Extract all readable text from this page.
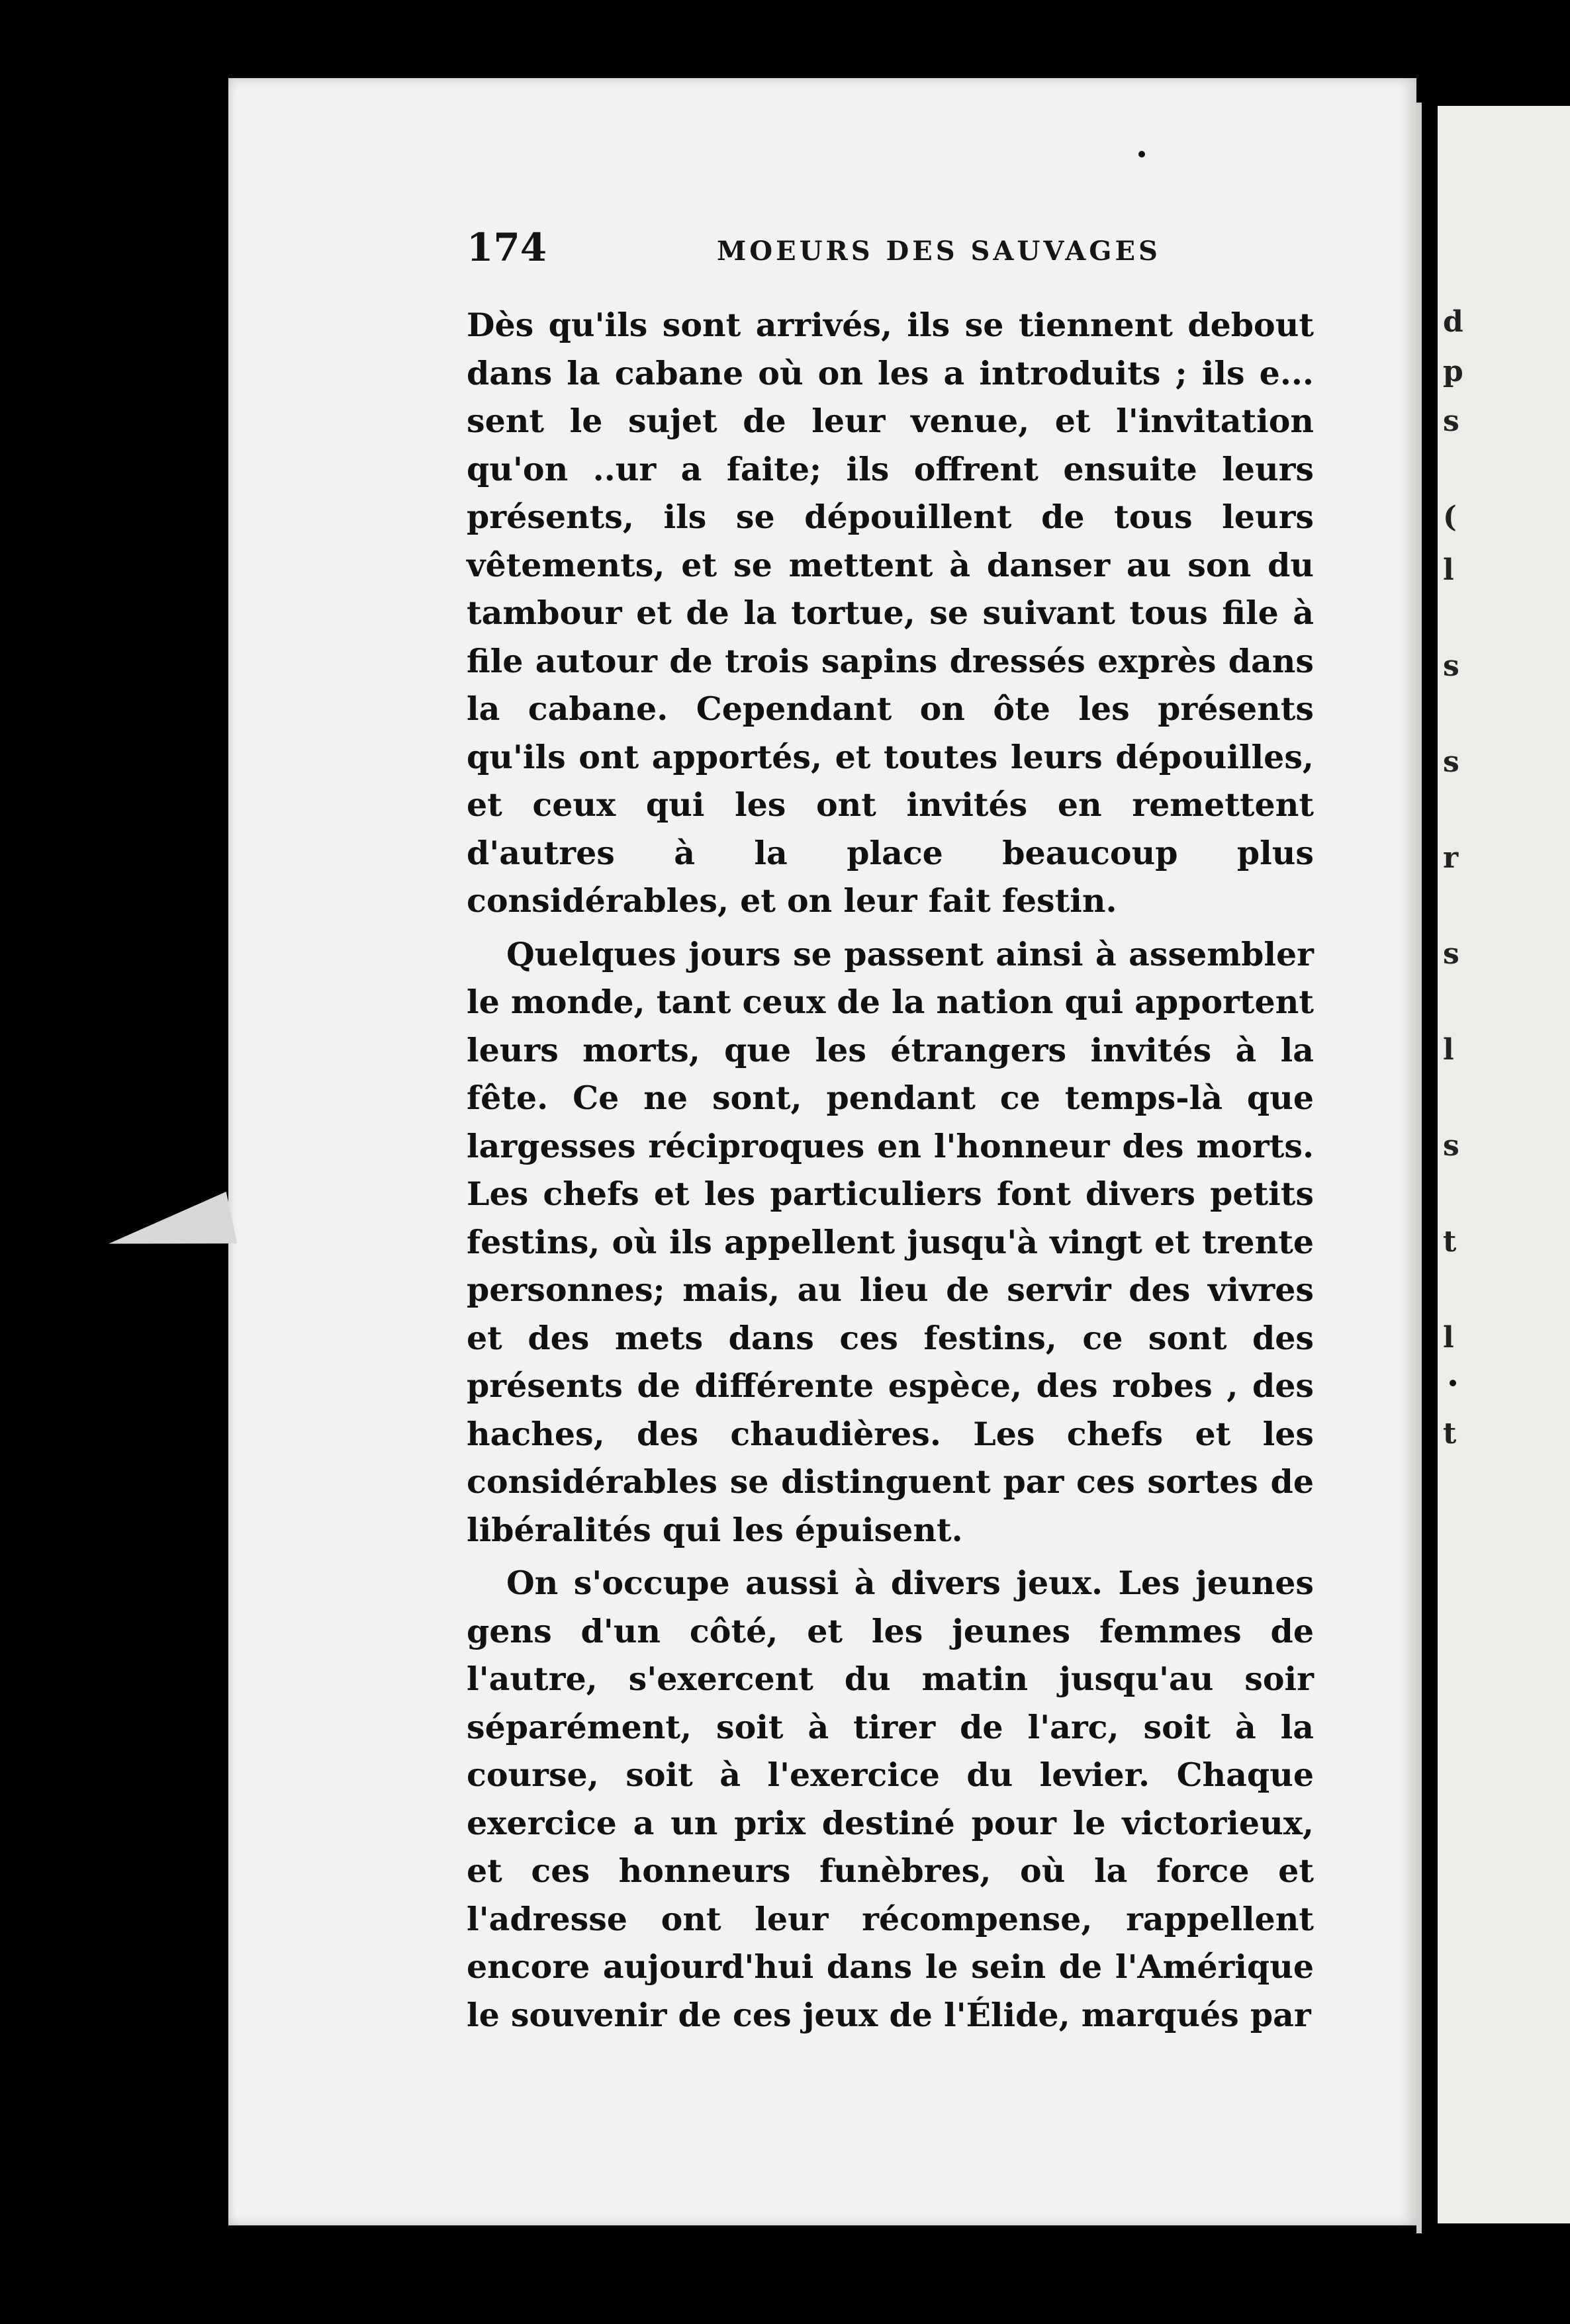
d
p
s
(
l
s
s
r
s
l
s
t
l
t
174	MOEURS DES SAUVAGES

Dès qu'ils sont arrivés, ils se tiennent debout dans la cabane où on les a introduits ; ils e... sent le sujet de leur venue, et l'invitation qu'on ..ur a faite; ils offrent ensuite leurs présents, ils se dépouillent de tous leurs vêtements, et se mettent à danser au son du tambour et de la tortue, se suivant tous file à file autour de trois sapins dressés exprès dans la cabane. Cependant on ôte les présents qu'ils ont apportés, et toutes leurs dépouilles, et ceux qui les ont invités en remettent d'autres à la place beaucoup plus considérables, et on leur fait festin.

Quelques jours se passent ainsi à assembler le monde, tant ceux de la nation qui apportent leurs morts, que les étrangers invités à la fête. Ce ne sont, pendant ce temps-là que largesses réciproques en l'honneur des morts. Les chefs et les particuliers font divers petits festins, où ils appellent jusqu'à vingt et trente personnes; mais, au lieu de servir des vivres et des mets dans ces festins, ce sont des présents de différente espèce, des robes , des haches, des chaudières. Les chefs et les considérables se distinguent par ces sortes de libéralités qui les épuisent.

On s'occupe aussi à divers jeux. Les jeunes gens d'un côté, et les jeunes femmes de l'autre, s'exercent du matin jusqu'au soir séparément, soit à tirer de l'arc, soit à la course, soit à l'exercice du levier. Chaque exercice a un prix destiné pour le victorieux, et ces honneurs funèbres, où la force et l'adresse ont leur récompense, rappellent encore aujourd'hui dans le sein de l'Amérique le souvenir de ces jeux de l'Élide, marqués par
